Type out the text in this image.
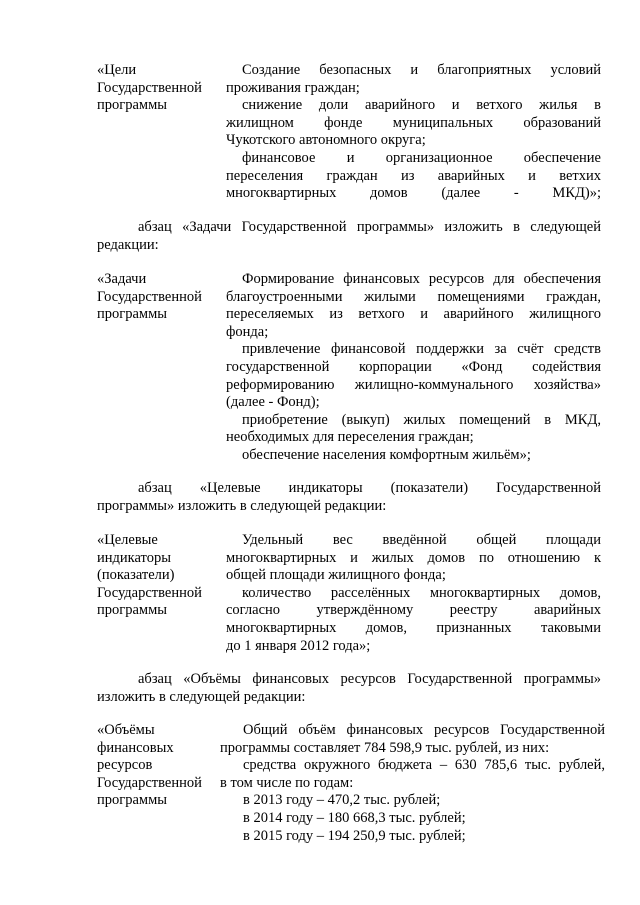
«Цели
Государственной
программы
Создание безопасных и благоприятных условий
проживания граждан;
снижение доли аварийного и ветхого жилья в
жилищном фонде муниципальных образований
Чукотского автономного округа;
финансовое и организационное обеспечение
переселения граждан из аварийных и ветхих
многоквартирных домов (далее - МКД)»;
абзац «Задачи Государственной программы» изложить в следующей
редакции:
«Задачи
Государственной
программы
Формирование финансовых ресурсов для обеспечения
благоустроенными жилыми помещениями граждан,
переселяемых из ветхого и аварийного жилищного
фонда;
привлечение финансовой поддержки за счёт средств
государственной корпорации «Фонд содействия
реформированию жилищно-коммунального хозяйства»
(далее - Фонд);
приобретение (выкуп) жилых помещений в МКД,
необходимых для переселения граждан;
обеспечение населения комфортным жильём»;
абзац «Целевые индикаторы (показатели) Государственной
программы» изложить в следующей редакции:
«Целевые
индикаторы
(показатели)
Государственной
программы
Удельный вес введённой общей площади
многоквартирных и жилых домов по отношению к
общей площади жилищного фонда;
количество расселённых многоквартирных домов,
согласно утверждённому реестру аварийных
многоквартирных домов, признанных таковыми
до 1 января 2012 года»;
абзац «Объёмы финансовых ресурсов Государственной программы»
изложить в следующей редакции:
«Объёмы
финансовых
ресурсов
Государственной
программы
Общий объём финансовых ресурсов Государственной
программы составляет 784 598,9 тыс. рублей, из них:
средства окружного бюджета – 630 785,6 тыс. рублей,
в том числе по годам:
в 2013 году – 470,2 тыс. рублей;
в 2014 году – 180 668,3 тыс. рублей;
в 2015 году – 194 250,9 тыс. рублей;
